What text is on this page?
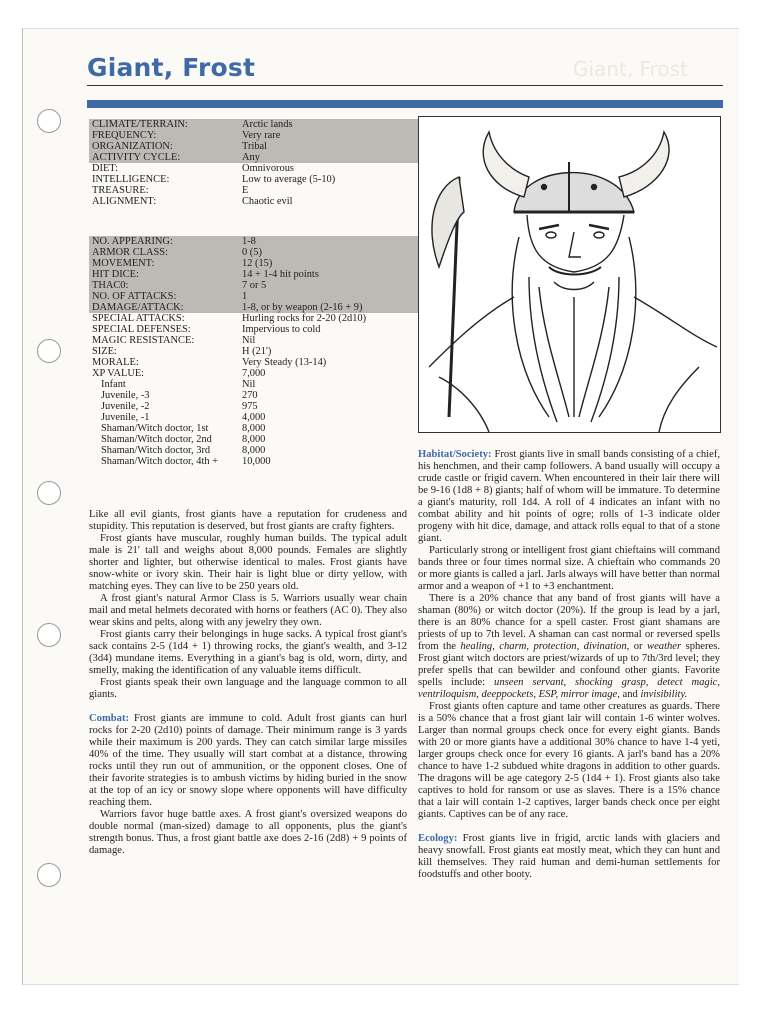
Giant, Frost	Giant, Frost
CLIMATE/TERRAIN:	Arctic lands
FREQUENCY:	Very rare
ORGANIZATION:	Tribal
ACTIVITY CYCLE:	Any
DIET:	Omnivorous
INTELLIGENCE:	Low to average (5-10)
TREASURE:	E
ALIGNMENT:	Chaotic evil
NO. APPEARING:	1-8
ARMOR CLASS:	0 (5)
MOVEMENT:	12 (15)
HIT DICE:	14 + 1-4 hit points
THAC0:	7 or 5
NO. OF ATTACKS:	1
DAMAGE/ATTACK:	1-8, or by weapon (2-16 + 9)
SPECIAL ATTACKS:	Hurling rocks for 2-20 (2d10)
SPECIAL DEFENSES:	Impervious to cold
MAGIC RESISTANCE:	Nil
SIZE:	H (21')
MORALE:	Very Steady (13-14)
XP VALUE:	7,000
Infant	Nil
Juvenile, -3	270
Juvenile, -2	975
Juvenile, -1	4,000
Shaman/Witch doctor, 1st	8,000
Shaman/Witch doctor, 2nd	8,000
Shaman/Witch doctor, 3rd	8,000
Shaman/Witch doctor, 4th +	10,000

Like all evil giants, frost giants have a reputation for crudeness and stupidity. This reputation is deserved, but frost giants are crafty fighters.

Frost giants have muscular, roughly human builds. The typical adult male is 21' tall and weighs about 8,000 pounds. Females are slightly shorter and lighter, but otherwise identical to males. Frost giants have snow-white or ivory skin. Their hair is light blue or dirty yellow, with matching eyes. They can live to be 250 years old.

A frost giant's natural Armor Class is 5. Warriors usually wear chain mail and metal helmets decorated with horns or feathers (AC 0). They also wear skins and pelts, along with any jewelry they own.

Frost giants carry their belongings in huge sacks. A typical frost giant's sack contains 2-5 (1d4 + 1) throwing rocks, the giant's wealth, and 3-12 (3d4) mundane items. Everything in a giant's bag is old, worn, dirty, and smelly, making the identification of any valuable items difficult.

Frost giants speak their own language and the language common to all giants.

Combat: Frost giants are immune to cold. Adult frost giants can hurl rocks for 2-20 (2d10) points of damage. Their minimum range is 3 yards while their maximum is 200 yards. They can catch similar large missiles 40% of the time. They usually will start combat at a distance, throwing rocks until they run out of ammunition, or the opponent closes. One of their favorite strategies is to ambush victims by hiding buried in the snow at the top of an icy or snowy slope where opponents will have difficulty reaching them.

Warriors favor huge battle axes. A frost giant's oversized weapons do double normal (man-sized) damage to all opponents, plus the giant's strength bonus. Thus, a frost giant battle axe does 2-16 (2d8) + 9 points of damage.

Habitat/Society: Frost giants live in small bands consisting of a chief, his henchmen, and their camp followers. A band usually will occupy a crude castle or frigid cavern. When encountered in their lair there will be 9-16 (1d8 + 8) giants; half of whom will be immature. To determine a giant's maturity, roll 1d4. A roll of 4 indicates an infant with no combat ability and hit points of ogre; rolls of 1-3 indicate older progeny with hit dice, damage, and attack rolls equal to that of a stone giant.

Particularly strong or intelligent frost giant chieftains will command bands three or four times normal size. A chieftain who commands 20 or more giants is called a jarl. Jarls always will have better than normal armor and a weapon of +1 to +3 enchantment.

There is a 20% chance that any band of frost giants will have a shaman (80%) or witch doctor (20%). If the group is lead by a jarl, there is an 80% chance for a spell caster. Frost giant shamans are priests of up to 7th level. A shaman can cast normal or reversed spells from the healing, charm, protection, divination, or weather spheres. Frost giant witch doctors are priest/wizards of up to 7th/3rd level; they prefer spells that can bewilder and confound other giants. Favorite spells include: unseen servant, shocking grasp, detect magic, ventriloquism, deeppockets, ESP, mirror image, and invisibility.

Frost giants often capture and tame other creatures as guards. There is a 50% chance that a frost giant lair will contain 1-6 winter wolves. Larger than normal groups check once for every eight giants. Bands with 20 or more giants have a additional 30% chance to have 1-4 yeti, larger groups check once for every 16 giants. A jarl's band has a 20% chance to have 1-2 subdued white dragons in addition to other guards. The dragons will be age category 2-5 (1d4 + 1). Frost giants also take captives to hold for ransom or use as slaves. There is a 15% chance that a lair will contain 1-2 captives, larger bands check once per eight giants. Captives can be of any race.

Ecology: Frost giants live in frigid, arctic lands with glaciers and heavy snowfall. Frost giants eat mostly meat, which they can hunt and kill themselves. They raid human and demi-human settlements for foodstuffs and other booty.
